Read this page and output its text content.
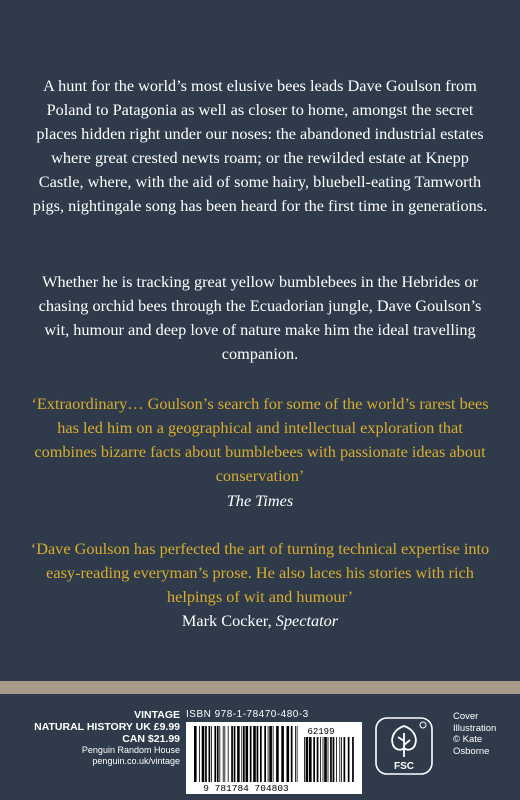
A hunt for the world’s most elusive bees leads Dave Goulson from Poland to Patagonia as well as closer to home, amongst the secret places hidden right under our noses: the abandoned industrial estates where great crested newts roam; or the rewilded estate at Knepp Castle, where, with the aid of some hairy, bluebell-eating Tamworth pigs, nightingale song has been heard for the first time in generations.
Whether he is tracking great yellow bumblebees in the Hebrides or chasing orchid bees through the Ecuadorian jungle, Dave Goulson’s wit, humour and deep love of nature make him the ideal travelling companion.
‘Extraordinary… Goulson’s search for some of the world’s rarest bees has led him on a geographical and intellectual exploration that combines bizarre facts about bumblebees with passionate ideas about conservation’
The Times
‘Dave Goulson has perfected the art of turning technical expertise into easy-reading everyman’s prose. He also laces his stories with rich helpings of wit and humour’
Mark Cocker, Spectator
VINTAGE
NATURAL HISTORY UK £9.99
CAN $21.99
Penguin Random House
penguin.co.uk/vintage
ISBN 978-1-78470-480-3
62199
9 781784 704803
FSC
Cover Illustration
© Kate Osborne
